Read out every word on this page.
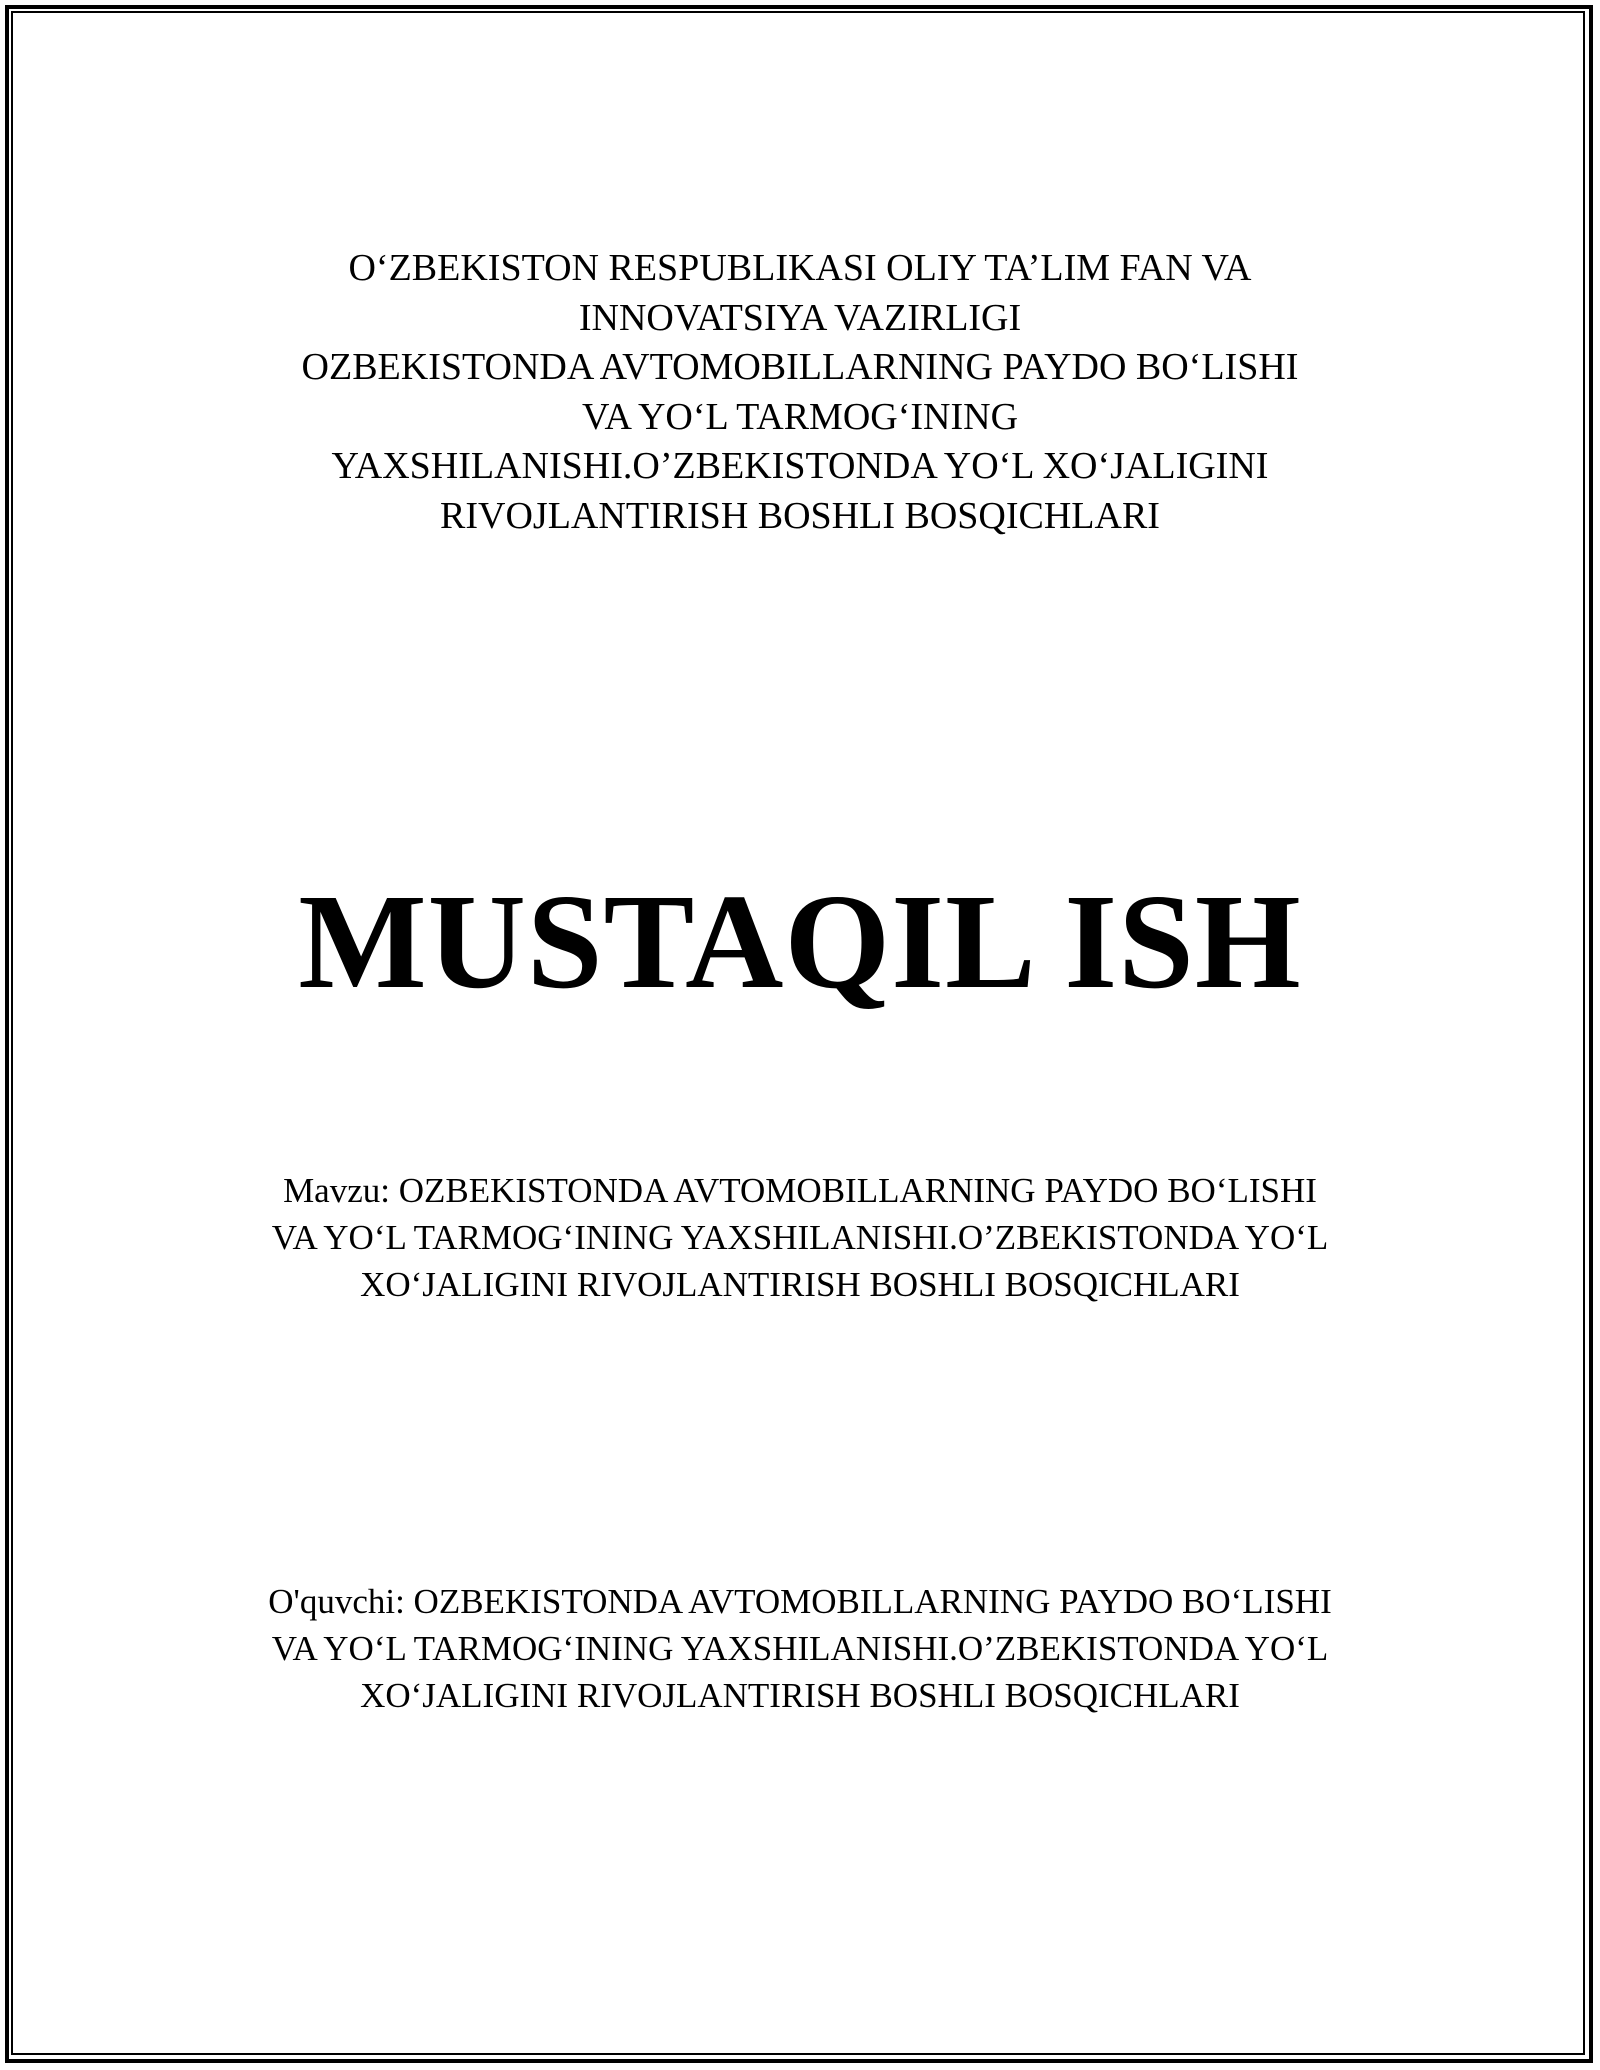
O‘ZBEKISTON RESPUBLIKASI OLIY TA’LIM FAN VA
INNOVATSIYA VAZIRLIGI
OZBEKISTONDA AVTOMOBILLARNING PAYDO BO‘LISHI
VA YO‘L TARMOG‘INING
YAXSHILANISHI.O’ZBEKISTONDA YO‘L XO‘JALIGINI
RIVOJLANTIRISH BOSHLI BOSQICHLARI
MUSTAQIL ISH
Mavzu: OZBEKISTONDA AVTOMOBILLARNING PAYDO BO‘LISHI
VA YO‘L TARMOG‘INING YAXSHILANISHI.O’ZBEKISTONDA YO‘L
XO‘JALIGINI RIVOJLANTIRISH BOSHLI BOSQICHLARI
O'quvchi: OZBEKISTONDA AVTOMOBILLARNING PAYDO BO‘LISHI
VA YO‘L TARMOG‘INING YAXSHILANISHI.O’ZBEKISTONDA YO‘L
XO‘JALIGINI RIVOJLANTIRISH BOSHLI BOSQICHLARI
